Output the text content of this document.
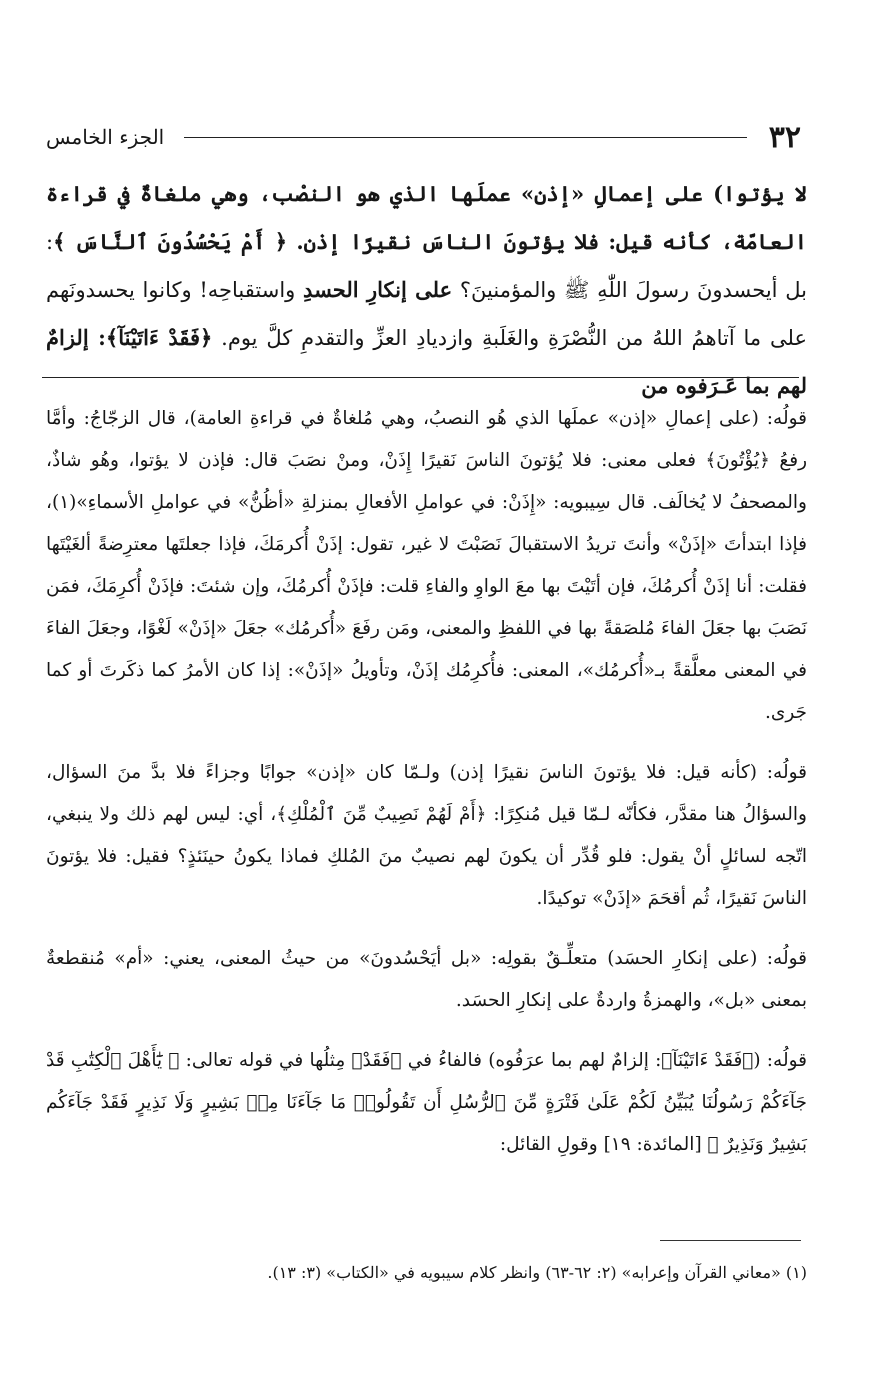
٣٢
الجزء الخامس
لا يؤتوا) على إعمالِ «إذن» عملَها الذي هو النصْب، وهي ملغاةٌ في قراءة العامّة، كأنه قيل: فلا يؤتونَ الناسَ نقيرًا إذن. ﴿ أَمْ يَحْسُدُونَ ٱلنَّاسَ ﴾: بل أيحسدونَ رسولَ اللّٰهِ ﷺ والمؤمنينَ؟ على إنكارِ الحسدِ واستقباحِه! وكانوا يحسدونَهم على ما آتاهمُ اللهُ من النُّصْرَةِ والغَلَبةِ وازديادِ العزِّ والتقدمِ كلَّ يوم. ﴿فَقَدْ ءَاتَيْنَآ﴾: إلزامٌ لهم بما عَـرَفوه من

قولُه: (على إعمالِ «إذن» عملَها الذي هُو النصبُ، وهي مُلغاةٌ في قراءةِ العامة)، قال الزجّاجُ: وأمَّا رفعُ ﴿يُؤْتُونَ﴾ فعلى معنى: فلا يُؤتونَ الناسَ نَقيرًا إِذَنْ، ومنْ نصَبَ قال: فإذن لا يؤتوا، وهُو شاذٌ، والمصحفُ لا يُخالَف. قال سِيبويه: «إِذَنْ: في عواملِ الأفعالِ بمنزلةِ «أظُنُّ» في عواملِ الأسماءِ»(١)، فإذا ابتدأتَ «إذَنْ» وأنتَ تريدُ الاستقبالَ نَصَبْتَ لا غير، تقول: إذَنْ أُكرمَكَ، فإذا جعلتَها معترِضةً ألغَيْتَها فقلت: أنا إذَنْ أُكرمُكَ، فإن أتَيْتَ بها معَ الواوِ والفاءِ قلت: فإذَنْ أُكرمُكَ، وإن شئتَ: فإذَنْ أُكرِمَكَ، فمَن نَصَبَ بها جعَلَ الفاءَ مُلصَقةً بها في اللفظِ والمعنى، ومَن رفَعَ «أُكرمُك» جعَلَ «إذَنْ» لَغْوًا، وجعَلَ الفاءَ في المعنى معلَّقةً بـ«أُكرمُك»، المعنى: فأُكرِمُك إذَنْ، وتأويلُ «إذَنْ»: إذا كان الأمرُ كما ذكَرتَ أو كما جَرى.

قولُه: (كأنه قيل: فلا يؤتونَ الناسَ نقيرًا إذن) ولـمّا كان «إذن» جوابًا وجزاءً فلا بدَّ منَ السؤال، والسؤالُ هنا مقدَّر، فكأنّه لـمّا قيل مُنكِرًا: ﴿أَمْ لَهُمْ نَصِيبٌ مِّنَ ٱلْمُلْكِ﴾، أي: ليس لهم ذلك ولا ينبغي، اتّجه لسائلٍ أنْ يقول: فلو قُدِّر أن يكونَ لهم نصيبٌ منَ المُلكِ فماذا يكونُ حينَئذٍ؟ فقيل: فلا يؤتونَ الناسَ نَقيرًا، ثُم أقحَمَ «إذَنْ» توكيدًا.

قولُه: (على إنكارِ الحسَد) متعلِّـقٌ بقولِه: «بل أيَحْسُدونَ» من حيثُ المعنى، يعني: «أم» مُنقطعةٌ بمعنى «بل»، والهمزةُ واردةٌ على إنكارِ الحسَد.

قولُه: (﴿فَقَدْ ءَاتَيْنَآ﴾: إلزامٌ لهم بما عرَفُوه) فالفاءُ في ﴿فَقَدْ﴾ مِثلُها في قوله تعالى: ﴿ يَٰٓأَهْلَ ٱلْكِتَٰبِ قَدْ جَآءَكُمْ رَسُولُنَا يُبَيِّنُ لَكُمْ عَلَىٰ فَتْرَةٍ مِّنَ ٱلرُّسُلِ أَن تَقُولُوا۟ مَا جَآءَنَا مِنۢ بَشِيرٍ وَلَا نَذِيرٍ فَقَدْ جَآءَكُم بَشِيرٌ وَنَذِيرٌ ﴾ [المائدة: ١٩] وقولِ القائل:

(١) «معاني القرآن وإعرابه» (٢: ٦٢-٦٣) وانظر كلام سيبويه في «الكتاب» (٣: ١٣).
